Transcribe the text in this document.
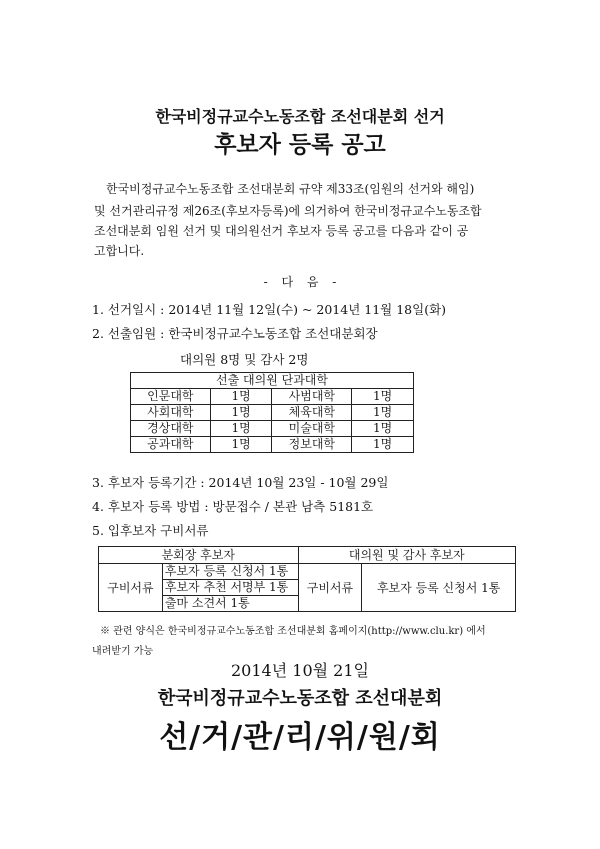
한국비정규교수노동조합 조선대분회 선거
후보자 등록 공고
한국비정규교수노동조합 조선대분회 규약 제33조(임원의 선거와 해임)
및 선거관리규정 제26조(후보자등록)에 의거하여 한국비정규교수노동조합
조선대분회 임원 선거 및 대의원선거 후보자 등록 공고를 다음과 같이 공
고합니다.
- 다 음 -
1. 선거일시 : 2014년 11월 12일(수) ~ 2014년 11월 18일(화)
2. 선출임원 : 한국비정규교수노동조합 조선대분회장
대의원 8명 및 감사 2명
선출 대의원 단과대학			
인문대학	1명	사범대학	1명
사회대학	1명	체육대학	1명
경상대학	1명	미술대학	1명
공과대학	1명	정보대학	1명
3. 후보자 등록기간 : 2014년 10월 23일 - 10월 29일
4. 후보자 등록 방법 : 방문접수 / 본관 남측 5181호
5. 입후보자 구비서류
분회장 후보자		대의원 및 감사 후보자	
구비서류	후보자 등록 신청서 1통	구비서류	후보자 등록 신청서 1통
	후보자 추천 서명부 1통		
	출마 소견서 1통		
※ 관련 양식은 한국비정규교수노동조합 조선대분회 홈페이지(http://www.clu.kr) 에서
내려받기 가능
2014년 10월 21일
한국비정규교수노동조합 조선대분회
선/거/관/리/위/원/회
